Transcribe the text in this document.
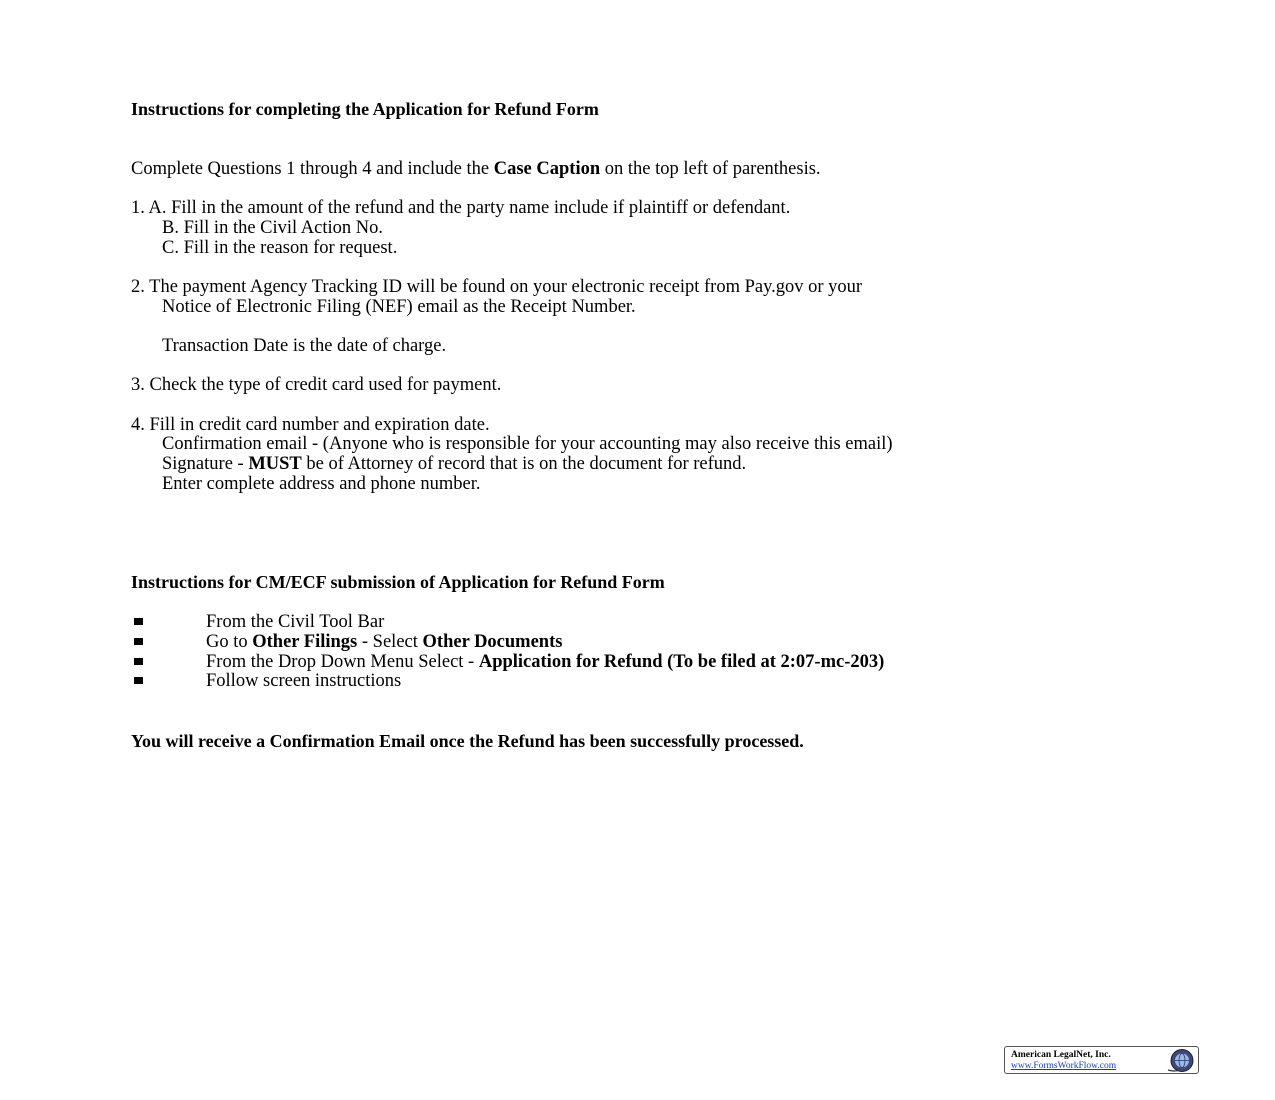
Instructions for completing the Application for Refund Form
Complete Questions 1 through 4 and include the Case Caption on the top left of parenthesis.
1. A. Fill in the amount of the refund and the party name include if plaintiff or defendant.
B. Fill in the Civil Action No.
C. Fill in the reason for request.
2. The payment Agency Tracking ID will be found on your electronic receipt from Pay.gov or your
Notice of Electronic Filing (NEF) email as the Receipt Number.
Transaction Date is the date of charge.
3. Check the type of credit card used for payment.
4. Fill in credit card number and expiration date.
Confirmation email - (Anyone who is responsible for your accounting may also receive this email)
Signature - MUST be of Attorney of record that is on the document for refund.
Enter complete address and phone number.
Instructions for CM/ECF submission of Application for Refund Form
From the Civil Tool Bar
Go to Other Filings - Select Other Documents
From the Drop Down Menu Select - Application for Refund (To be filed at 2:07-mc-203)
Follow screen instructions
You will receive a Confirmation Email once the Refund has been successfully processed.
American LegalNet, Inc.
www.FormsWorkFlow.com
